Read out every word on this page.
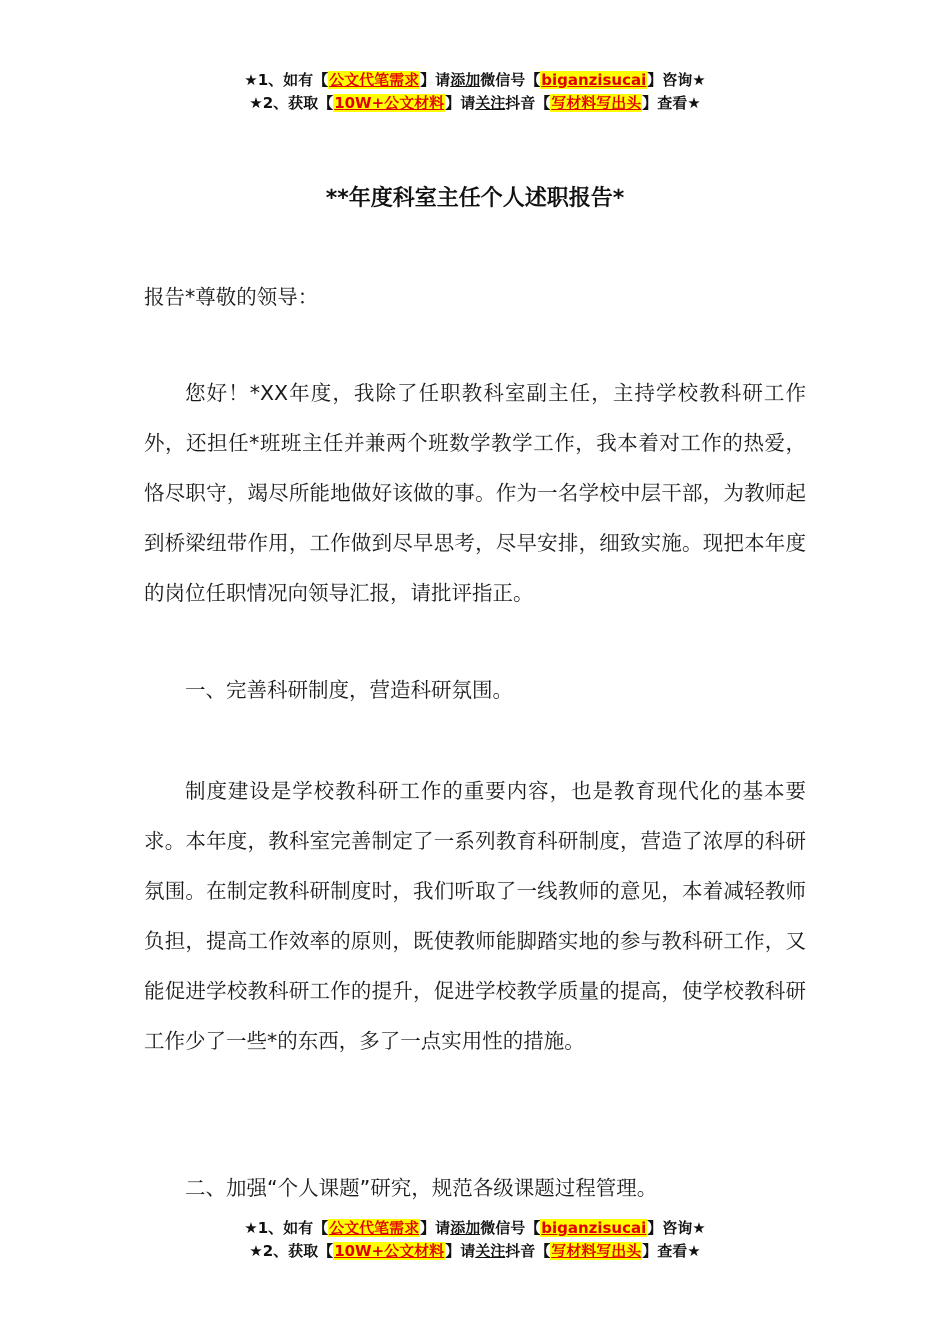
★1、如有【公文代笔需求】请添加微信号【biganzisucai】咨询★
★2、获取【10W+公文材料】请关注抖音【写材料写出头】查看★
**年度科室主任个人述职报告*

报告*尊敬的领导：

您好！*XX年度，我除了任职教科室副主任，主持学校教科研工作外，还担任*班班主任并兼两个班数学教学工作，我本着对工作的热爱，恪尽职守，竭尽所能地做好该做的事。作为一名学校中层干部，为教师起到桥梁纽带作用，工作做到尽早思考，尽早安排，细致实施。现把本年度的岗位任职情况向领导汇报，请批评指正。

一、完善科研制度，营造科研氛围。

制度建设是学校教科研工作的重要内容，也是教育现代化的基本要求。本年度，教科室完善制定了一系列教育科研制度，营造了浓厚的科研氛围。在制定教科研制度时，我们听取了一线教师的意见，本着减轻教师负担，提高工作效率的原则，既使教师能脚踏实地的参与教科研工作，又能促进学校教科研工作的提升，促进学校教学质量的提高，使学校教科研工作少了一些*的东西，多了一点实用性的措施。

二、加强“个人课题”研究，规范各级课题过程管理。

★1、如有【公文代笔需求】请添加微信号【biganzisucai】咨询★
★2、获取【10W+公文材料】请关注抖音【写材料写出头】查看★
